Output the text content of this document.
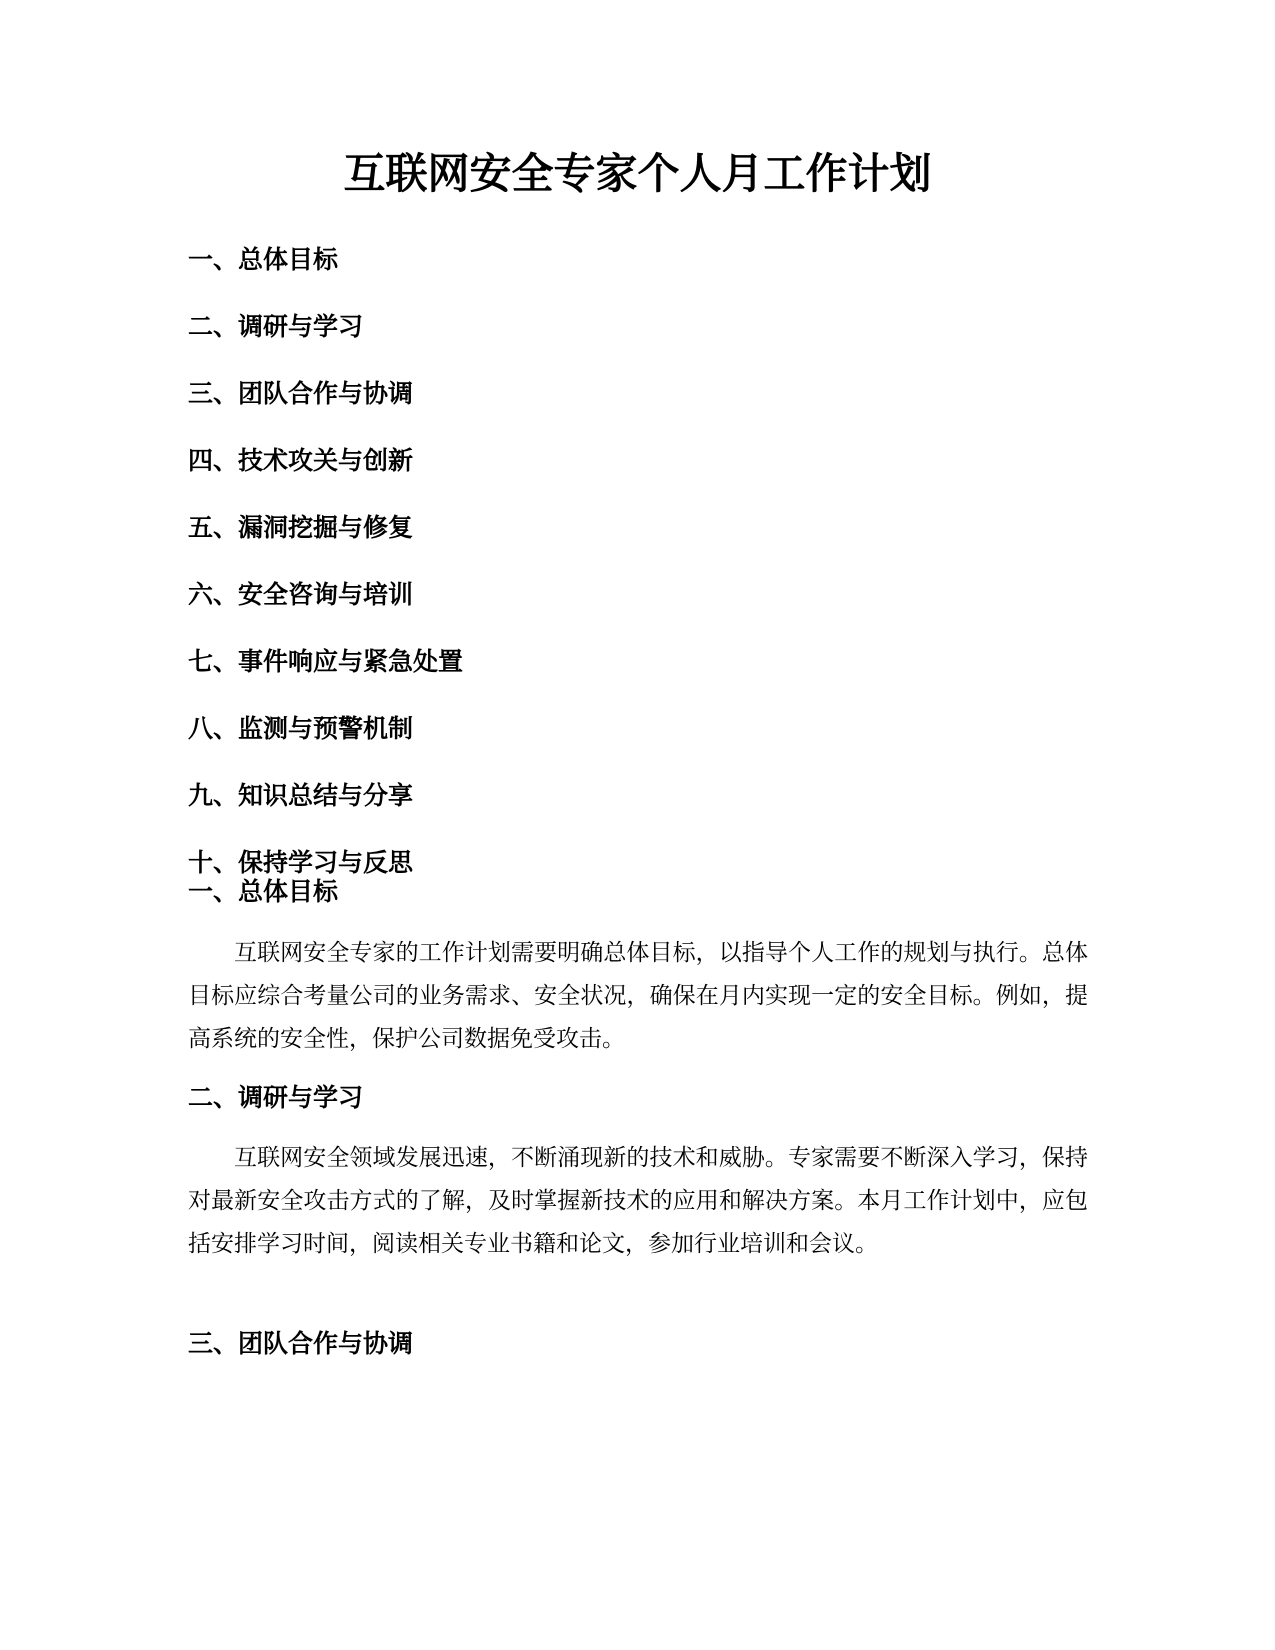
互联网安全专家个人月工作计划
一、总体目标
二、调研与学习
三、团队合作与协调
四、技术攻关与创新
五、漏洞挖掘与修复
六、安全咨询与培训
七、事件响应与紧急处置
八、监测与预警机制
九、知识总结与分享
十、保持学习与反思
一、总体目标

互联网安全专家的工作计划需要明确总体目标，以指导个人工作的规划与执行。总体目标应综合考量公司的业务需求、安全状况，确保在月内实现一定的安全目标。例如，提高系统的安全性，保护公司数据免受攻击。

二、调研与学习

互联网安全领域发展迅速，不断涌现新的技术和威胁。专家需要不断深入学习，保持对最新安全攻击方式的了解，及时掌握新技术的应用和解决方案。本月工作计划中，应包括安排学习时间，阅读相关专业书籍和论文，参加行业培训和会议。

三、团队合作与协调
